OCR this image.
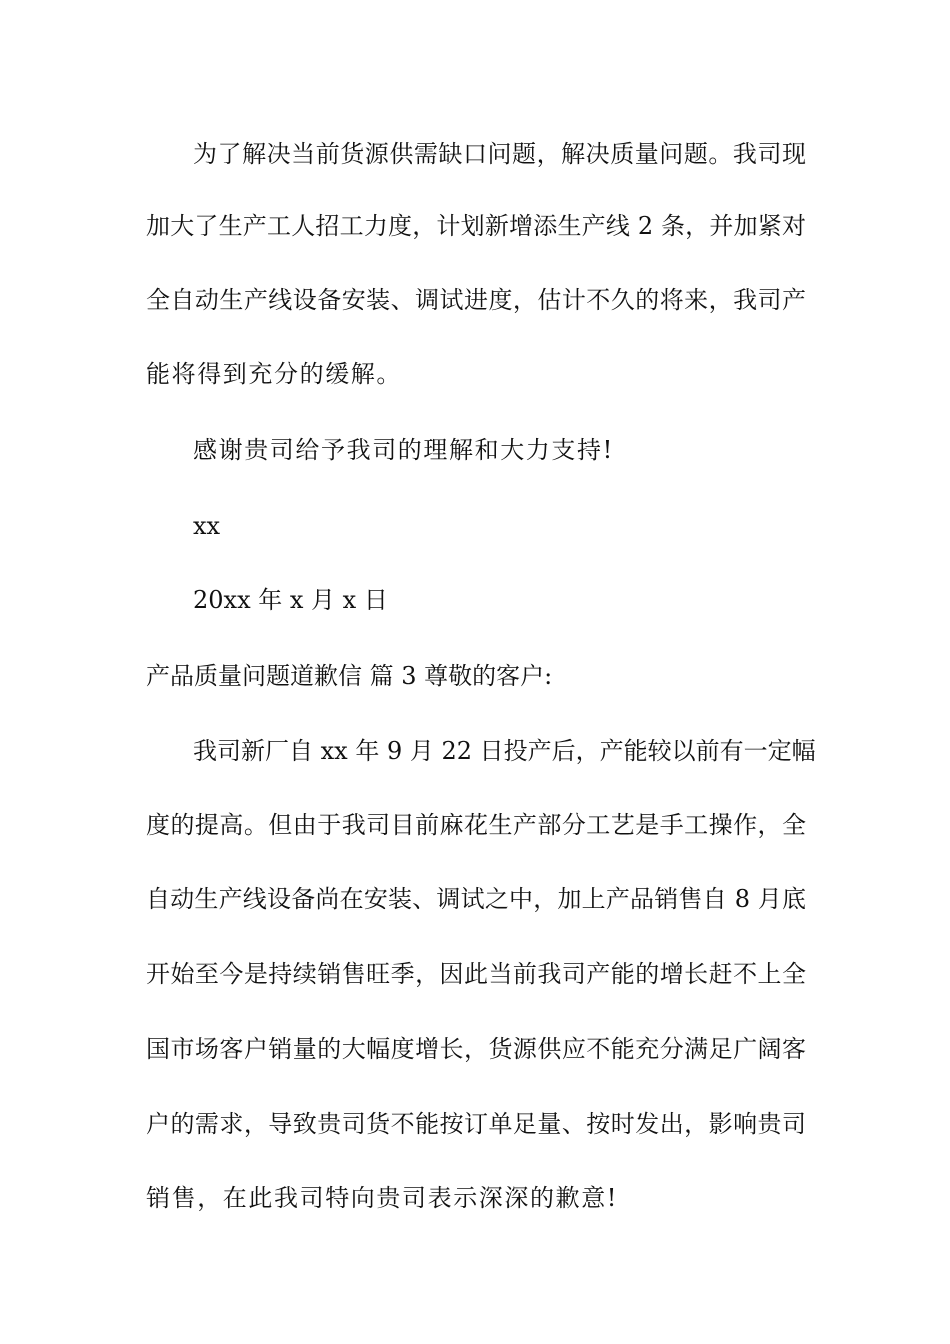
为了解决当前货源供需缺口问题，解决质量问题。我司现

加大了生产工人招工力度，计划新增添生产线 2 条，并加紧对

全自动生产线设备安装、调试进度，估计不久的将来，我司产

能将得到充分的缓解。

感谢贵司给予我司的理解和大力支持!

xx

20xx 年 x 月 x 日

产品质量问题道歉信 篇 3 尊敬的客户:

我司新厂自 xx 年 9 月 22 日投产后，产能较以前有一定幅

度的提高。但由于我司目前麻花生产部分工艺是手工操作，全

自动生产线设备尚在安装、调试之中，加上产品销售自 8 月底

开始至今是持续销售旺季，因此当前我司产能的增长赶不上全

国市场客户销量的大幅度增长，货源供应不能充分满足广阔客

户的需求，导致贵司货不能按订单足量、按时发出，影响贵司

销售，在此我司特向贵司表示深深的歉意!
